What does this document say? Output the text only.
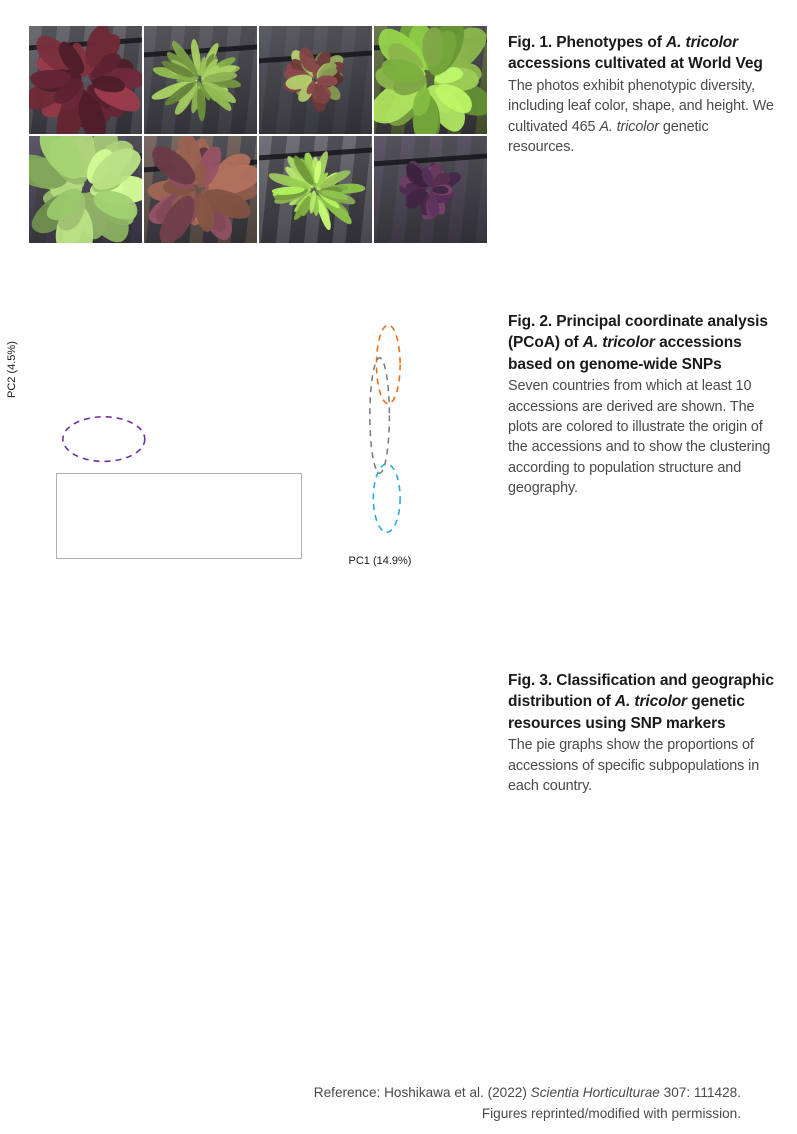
Fig. 1. Phenotypes of A. tricolor accessions cultivated at World Veg
The photos exhibit phenotypic diversity, including leaf color, shape, and height. We cultivated 465 A. tricolor genetic resources.
PC1 (14.9%)
PC2 (4.5%)
Fig. 2. Principal coordinate analysis (PCoA) of A. tricolor accessions based on genome-wide SNPs
Seven countries from which at least 10 accessions are derived are shown. The plots are colored to illustrate the origin of the accessions and to show the clustering according to population structure and geography.
Fig. 3. Classification and geographic distribution of A. tricolor genetic resources using SNP markers
The pie graphs show the proportions of accessions of specific subpopulations in each country.
Reference: Hoshikawa et al. (2022) Scientia Horticulturae 307: 111428.
Figures reprinted/modified with permission.
